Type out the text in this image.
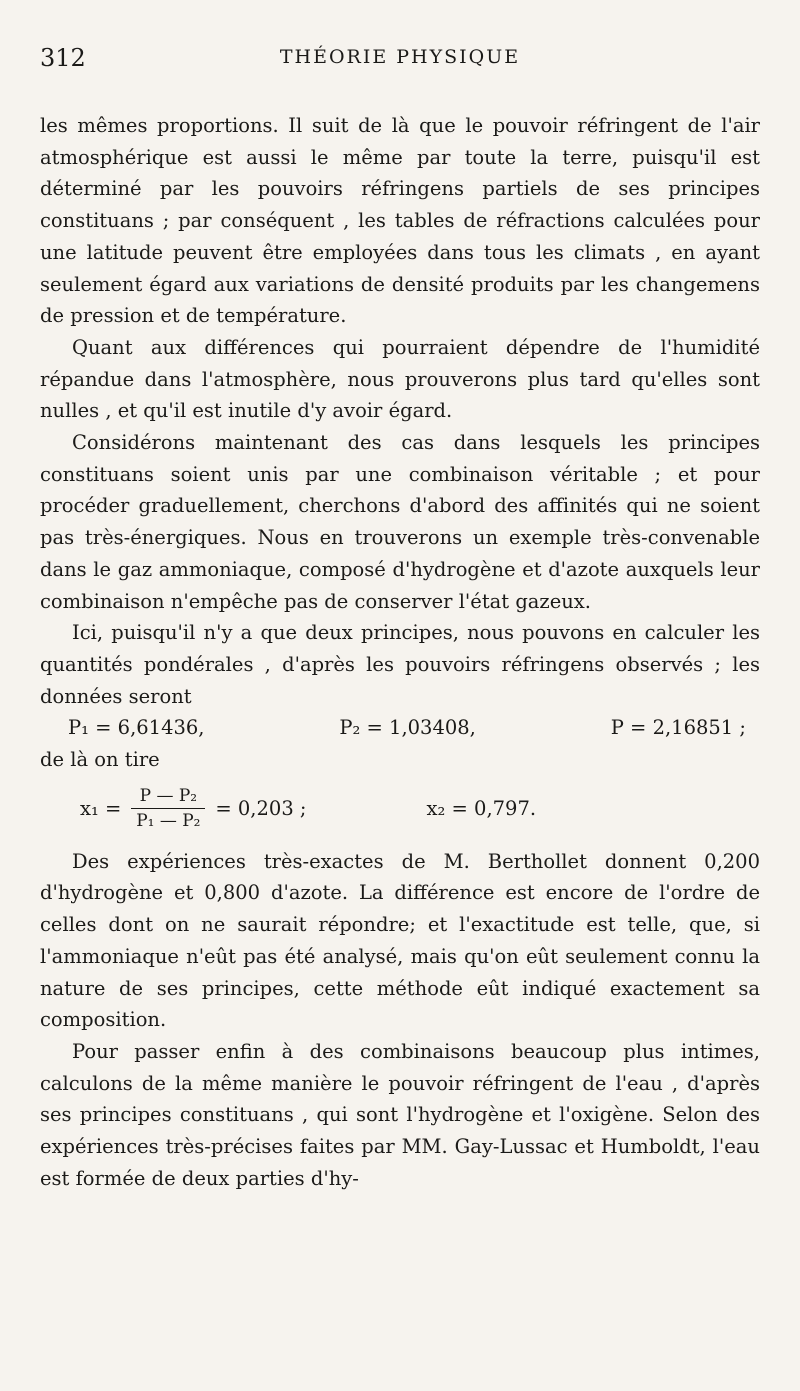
312	THÉORIE PHYSIQUE

les mêmes proportions. Il suit de là que le pouvoir réfringent de l'air atmosphérique est aussi le même par toute la terre, puisqu'il est déterminé par les pouvoirs réfringens partiels de ses principes constituans ; par conséquent , les tables de réfractions calculées pour une latitude peuvent être employées dans tous les climats , en ayant seulement égard aux variations de densité produits par les changemens de pression et de température.

Quant aux différences qui pourraient dépendre de l'humidité répandue dans l'atmosphère, nous prouverons plus tard qu'elles sont nulles , et qu'il est inutile d'y avoir égard.

Considérons maintenant des cas dans lesquels les principes constituans soient unis par une combinaison véritable ; et pour procéder graduellement, cherchons d'abord des affinités qui ne soient pas très-énergiques. Nous en trouverons un exemple très-convenable dans le gaz ammoniaque, composé d'hydrogène et d'azote auxquels leur combinaison n'empêche pas de conserver l'état gazeux.

Ici, puisqu'il n'y a que deux principes, nous pouvons en calculer les quantités pondérales , d'après les pouvoirs réfringens observés ; les données seront

P₁ = 6,61436,	P₂ = 1,03408,	P = 2,16851 ;

de là on tire

$x_1 = \frac{\text{P — P₂}}{\text{P₁ — P₂}} = 0,203$ ;	x₂ = 0,797.

Des expériences très-exactes de M. Berthollet donnent 0,200 d'hydrogène et 0,800 d'azote. La différence est encore de l'ordre de celles dont on ne saurait répondre; et l'exactitude est telle, que, si l'ammoniaque n'eût pas été analysé, mais qu'on eût seulement connu la nature de ses principes, cette méthode eût indiqué exactement sa composition.

Pour passer enfin à des combinaisons beaucoup plus intimes, calculons de la même manière le pouvoir réfringent de l'eau , d'après ses principes constituans , qui sont l'hydrogène et l'oxigène. Selon des expériences très-précises faites par MM. Gay-Lussac et Humboldt, l'eau est formée de deux parties d'hy-
